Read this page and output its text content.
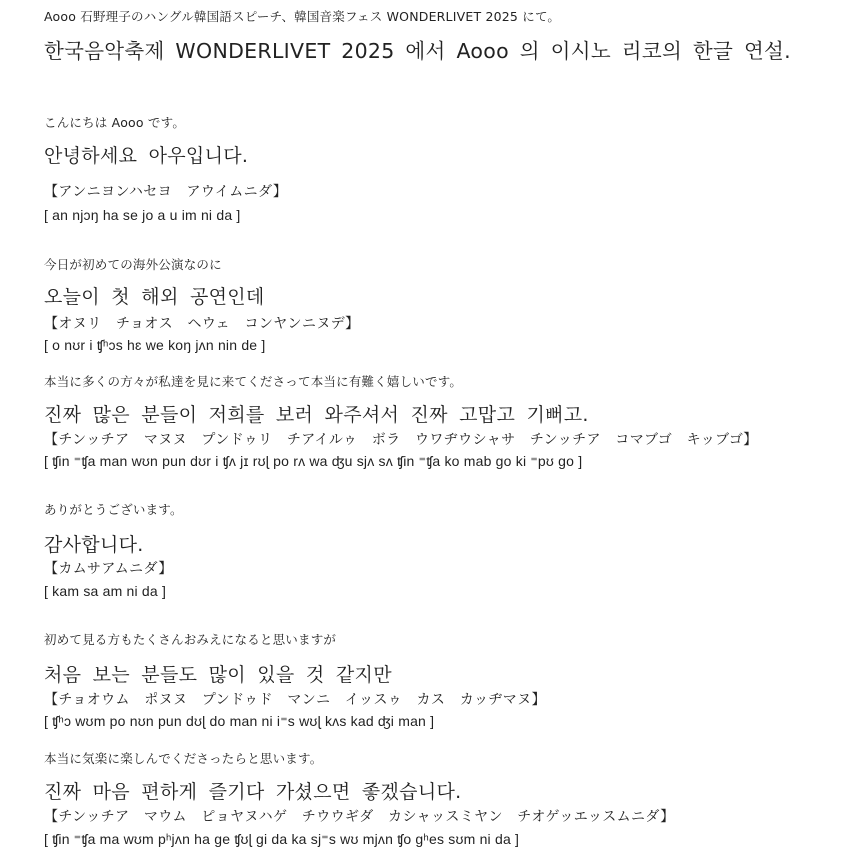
Aooo 石野理子のハングル韓国語スピーチ、韓国音楽フェス WONDERLIVET 2025 にて。
한국음악축제 WONDERLIVET 2025 에서 Aooo 의 이시노 리코의 한글 연설.
こんにちは Aooo です。
안녕하세요 아우입니다.
【アンニヨンハセヨ　アウイムニダ】
[ an njɔŋ ha se jo a u im ni da ]
今日が初めての海外公演なのに
오늘이 첫 해외 공연인데
【オヌリ　チョオス　ヘウェ　コンヤンニヌデ】
[ o nʊr i ʧʰɔs hɛ we koŋ jʌn nin de ]
本当に多くの方々が私達を見に来てくださって本当に有難く嬉しいです。
진짜 많은 분들이 저희를 보러 와주셔서 진짜 고맙고 기뻐고.
【チンッチア　マヌヌ　プンドゥリ　チアイルゥ　ボラ　ウワヂウシャサ　チンッチア　コマブゴ　キッブゴ】
[ ʧin ⁼ʧa man wʊn pun dʊr i ʧʌ jɪ rʊɭ po rʌ wa ʤu sjʌ sʌ ʧin ⁼ʧa ko mab go ki ⁼pʊ go ]
ありがとうございます。
감사합니다.
【カムサアムニダ】
[ kam sa am ni da ]
初めて見る方もたくさんおみえになると思いますが
처음 보는 분들도 많이 있을 것 같지만
【チョオウム　ポヌヌ　プンドゥド　マンニ　イッスゥ　カス　カッヂマヌ】
[ ʧʰɔ wʊm po nʊn pun dʊɭ do man ni i⁼s wʊɭ kʌs kad ʤi man ]
本当に気楽に楽しんでくださったらと思います。
진짜 마음 편하게 즐기다 가셨으면 좋겠습니다.
【チンッチア　マウム　ピョヤヌハゲ　チウウギダ　カシャッスミヤン　チオゲッエッスムニダ】
[ ʧin ⁼ʧa ma wʊm pʰjʌn ha ge ʧʊɭ gi da ka sj⁼s wʊ mjʌn ʧo gʰes sʊm ni da ]
